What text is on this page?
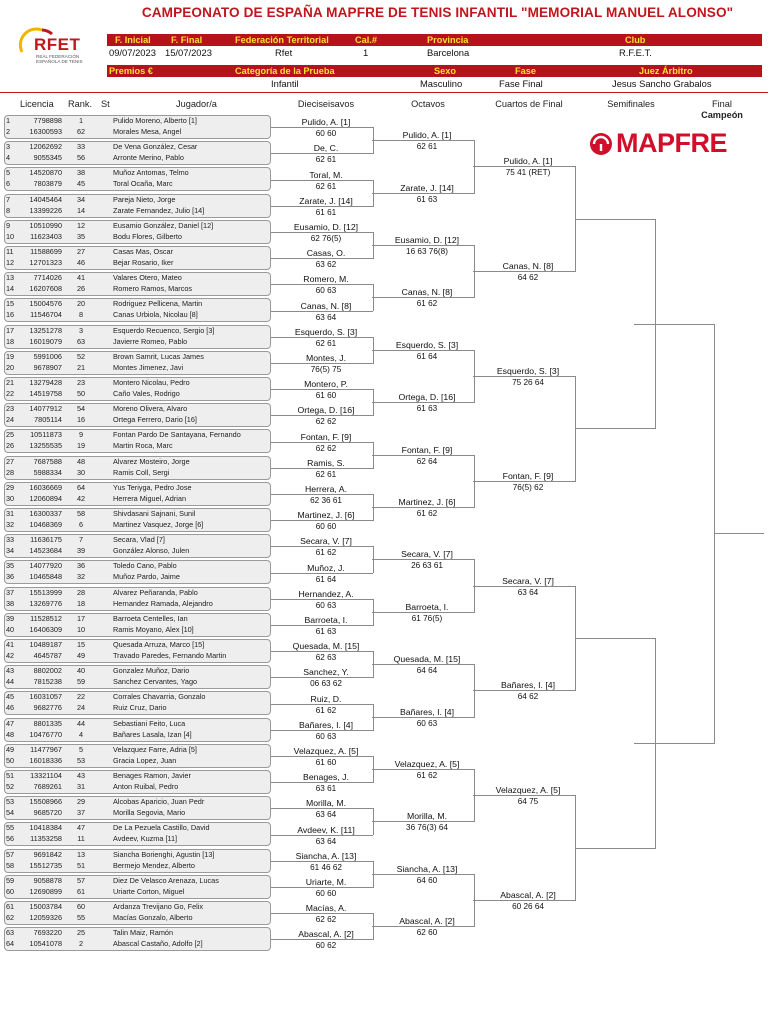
CAMPEONATO DE ESPAÑA MAPFRE DE TENIS INFANTIL "MEMORIAL MANUEL ALONSO"
RFET
REAL FEDERACIÓN
ESPAÑOLA DE TENIS
F. Inicial F. Final	Federación Territorial	Cal.#	Provincia	Club
09/07/2023 15/07/2023	Rfet	1	Barcelona	R.F.E.T.
Premios €	Categoría de la Prueba	Sexo	Fase	Juez Árbitro
Infantil	Masculino	Fase Final	Jesus Sancho Grabalos
Licencia Rank. St	Jugador/a	Dieciseisavos	Octavos	Cuartos de Final	Semifinales	Final
Campeón
MAPFRE
1	7798898	1	Pulido Moreno, Alberto [1]
2	16300593	62	Morales Mesa, Angel
3	12062692	33	De Vena González, Cesar
4	9055345	56	Arronte Merino, Pablo
5	14520870	38	Muñoz Antomas, Telmo
6	7803879	45	Toral Ocaña, Marc
7	14045464	34	Pareja Nieto, Jorge
8	13399226	14	Zarate Fernandez, Julio [14]
9	10510990	12	Eusamio González, Daniel [12]
10	11623403	35	Bodu Flores, Gilberto
11	11588699	27	Casas Mas, Oscar
12	12701323	46	Bejar Rosario, Iker
13	7714026	41	Valares Otero, Mateo
14	16207608	26	Romero Ramos, Marcos
15	15004576	20	Rodriguez Pellicena, Martin
16	11546704	8	Canas Urbiola, Nicolau [8]
17	13251278	3	Esquerdo Recuenco, Sergio [3]
18	16019079	63	Javierre Romeo, Pablo
19	5991006	52	Brown Samrit, Lucas James
20	9678907	21	Montes Jimenez, Javi
21	13279428	23	Montero Nicolau, Pedro
22	14519758	50	Caño Vales, Rodrigo
23	14077912	54	Moreno Olivera, Alvaro
24	7805114	16	Ortega Ferrero, Dario [16]
25	10511873	9	Fontan Pardo De Santayana, Fernando
26	13255535	19	Martin Roca, Marc
27	7687588	48	Alvarez Mosteiro, Jorge
28	5988334	30	Ramis Coll, Sergi
29	16036669	64	Yus Teriyga, Pedro Jose
30	12060894	42	Herrera Miguel, Adrian
31	16300337	58	Shivdasani Sajnani, Sunil
32	10468369	6	Martinez Vasquez, Jorge [6]
33	11636175	7	Secara, Vlad [7]
34	14523684	39	González Alonso, Julen
35	14077920	36	Toledo Cano, Pablo
36	10465848	32	Muñoz Pardo, Jaime
37	15513999	28	Alvarez Peñaranda, Pablo
38	13269776	18	Hernandez Ramada, Alejandro
39	11528512	17	Barroeta Centelles, Ian
40	16406309	10	Ramis Moyano, Alex [10]
41	10489187	15	Quesada Arruza, Marco [15]
42	4645787	49	Travado Paredes, Fernando Martin
43	8802002	40	Gonzalez Muñoz, Dario
44	7815238	59	Sanchez Cervantes, Yago
45	16031057	22	Corrales Chavarria, Gonzalo
46	9682776	24	Ruiz Cruz, Dario
47	8801335	44	Sebastiani Feito, Luca
48	10476770	4	Bañares Lasala, Izan [4]
49	11477967	5	Velazquez Farre, Adria [5]
50	16018336	53	Gracia Lopez, Juan
51	13321104	43	Benages Ramon, Javier
52	7689261	31	Anton Ruibal, Pedro
53	15508966	29	Alcobas Aparicio, Juan Pedr
54	9685720	37	Morilla Segovia, Mario
55	10418384	47	De La Pezuela Castillo, David
56	11353258	11	Avdeev, Kuzma [11]
57	9691842	13	Siancha Borienghi, Agustin [13]
58	15512735	51	Bermejo Mendez, Alberto
59	9058878	57	Diez De Velasco Arenaza, Lucas
60	12690899	61	Uriarte Corton, Miguel
61	15003784	60	Ardanza Trevijano Go, Felix
62	12059326	55	Macías Gonzalo, Alberto
63	7693220	25	Talin Maiz, Ramón
64	10541078	2	Abascal Castaño, Adolfo [2]
Pulido, A. [1]
60 60
De, C.
62 61
Toral, M.
62 61
Zarate, J. [14]
61 61
Eusamio, D. [12]
62 76(5)
Casas, O.
63 62
Romero, M.
60 63
Canas, N. [8]
63 64
Esquerdo, S. [3]
62 61
Montes, J.
76(5) 75
Montero, P.
61 60
Ortega, D. [16]
62 62
Fontan, F. [9]
62 62
Ramis, S.
62 61
Herrera, A.
62 36 61
Martinez, J. [6]
60 60
Secara, V. [7]
61 62
Muñoz, J.
61 64
Hernandez, A.
60 63
Barroeta, I.
61 63
Quesada, M. [15]
62 63
Sanchez, Y.
06 63 62
Ruiz, D.
61 62
Bañares, I. [4]
60 63
Velazquez, A. [5]
61 60
Benages, J.
63 61
Morilla, M.
63 64
Avdeev, K. [11]
63 64
Siancha, A. [13]
61 46 62
Uriarte, M.
60 60
Macías, A.
62 62
Abascal, A. [2]
60 62
Pulido, A. [1]
62 61
Zarate, J. [14]
61 63
Eusamio, D. [12]
16 63 76(8)
Canas, N. [8]
61 62
Esquerdo, S. [3]
61 64
Ortega, D. [16]
61 63
Fontan, F. [9]
62 64
Martinez, J. [6]
61 62
Secara, V. [7]
26 63 61
Barroeta, I.
61 76(5)
Quesada, M. [15]
64 64
Bañares, I. [4]
60 63
Velazquez, A. [5]
61 62
Morilla, M.
36 76(3) 64
Siancha, A. [13]
64 60
Abascal, A. [2]
62 60
Pulido, A. [1]
75 41 (RET)
Canas, N. [8]
64 62
Esquerdo, S. [3]
75 26 64
Fontan, F. [9]
76(5) 62
Secara, V. [7]
63 64
Bañares, I. [4]
64 62
Velazquez, A. [5]
64 75
Abascal, A. [2]
60 26 64
